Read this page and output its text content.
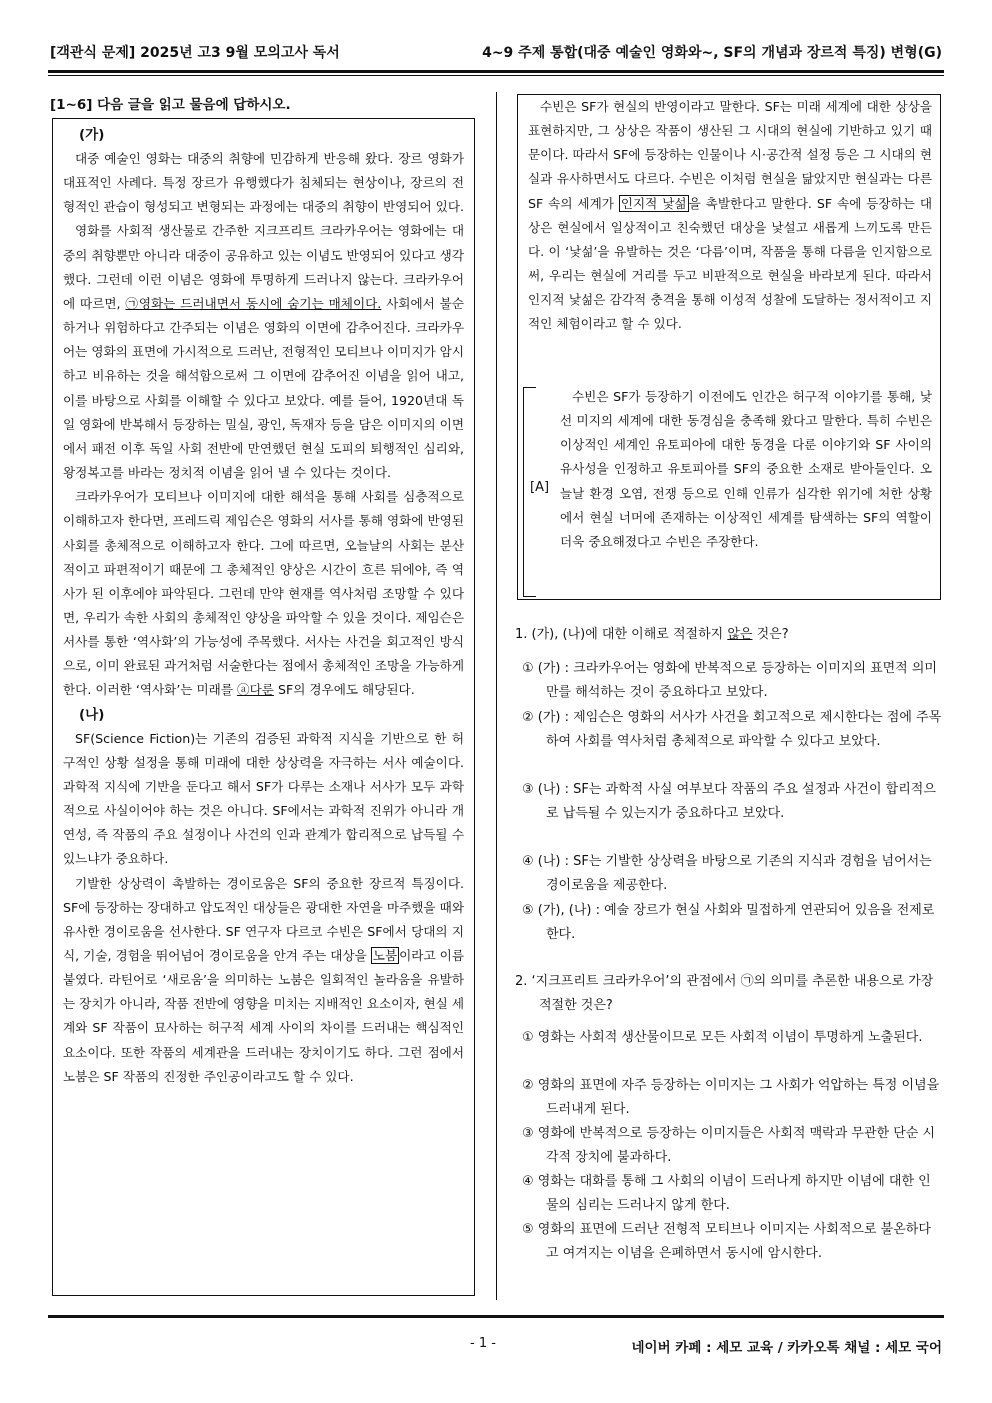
[객관식 문제] 2025년 고3 9월 모의고사 독서	4~9 주제 통합(대중 예술인 영화와~, SF의 개념과 장르적 특징) 변형(G)
[1~6] 다음 글을 읽고 물음에 답하시오.
(가)

대중 예술인 영화는 대중의 취향에 민감하게 반응해 왔다. 장르 영화가 대표적인 사례다. 특정 장르가 유행했다가 침체되는 현상이나, 장르의 전형적인 관습이 형성되고 변형되는 과정에는 대중의 취향이 반영되어 있다.

영화를 사회적 생산물로 간주한 지크프리트 크라카우어는 영화에는 대중의 취향뿐만 아니라 대중이 공유하고 있는 이념도 반영되어 있다고 생각했다. 그런데 이런 이념은 영화에 투명하게 드러나지 않는다. 크라카우어에 따르면, ㉠영화는 드러내면서 동시에 숨기는 매체이다. 사회에서 불순하거나 위험하다고 간주되는 이념은 영화의 이면에 감추어진다. 크라카우어는 영화의 표면에 가시적으로 드러난, 전형적인 모티브나 이미지가 암시하고 비유하는 것을 해석함으로써 그 이면에 감추어진 이념을 읽어 내고, 이를 바탕으로 사회를 이해할 수 있다고 보았다. 예를 들어, 1920년대 독일 영화에 반복해서 등장하는 밀실, 광인, 독재자 등을 담은 이미지의 이면에서 패전 이후 독일 사회 전반에 만연했던 현실 도피의 퇴행적인 심리와, 왕정복고를 바라는 정치적 이념을 읽어 낼 수 있다는 것이다.

크라카우어가 모티브나 이미지에 대한 해석을 통해 사회를 심층적으로 이해하고자 한다면, 프레드릭 제임슨은 영화의 서사를 통해 영화에 반영된 사회를 총체적으로 이해하고자 한다. 그에 따르면, 오늘날의 사회는 분산적이고 파편적이기 때문에 그 총체적인 양상은 시간이 흐른 뒤에야, 즉 역사가 된 이후에야 파악된다. 그런데 만약 현재를 역사처럼 조망할 수 있다면, 우리가 속한 사회의 총체적인 양상을 파악할 수 있을 것이다. 제임슨은 서사를 통한 ‘역사화’의 가능성에 주목했다. 서사는 사건을 회고적인 방식으로, 이미 완료된 과거처럼 서술한다는 점에서 총체적인 조망을 가능하게 한다. 이러한 ‘역사화’는 미래를 ⓐ다룬 SF의 경우에도 해당된다.

(나)

SF(Science Fiction)는 기존의 검증된 과학적 지식을 기반으로 한 허구적인 상황 설정을 통해 미래에 대한 상상력을 자극하는 서사 예술이다. 과학적 지식에 기반을 둔다고 해서 SF가 다루는 소재나 서사가 모두 과학적으로 사실이어야 하는 것은 아니다. SF에서는 과학적 진위가 아니라 개연성, 즉 작품의 주요 설정이나 사건의 인과 관계가 합리적으로 납득될 수 있느냐가 중요하다.

기발한 상상력이 촉발하는 경이로움은 SF의 중요한 장르적 특징이다. SF에 등장하는 장대하고 압도적인 대상들은 광대한 자연을 마주했을 때와 유사한 경이로움을 선사한다. SF 연구자 다르코 수빈은 SF에서 당대의 지식, 기술, 경험을 뛰어넘어 경이로움을 안겨 주는 대상을 노붐 이라고 이름 붙였다. 라틴어로 ‘새로움’을 의미하는 노붐은 일회적인 놀라움을 유발하는 장치가 아니라, 작품 전반에 영향을 미치는 지배적인 요소이자, 현실 세계와 SF 작품이 묘사하는 허구적 세계 사이의 차이를 드러내는 핵심적인 요소이다. 또한 작품의 세계관을 드러내는 장치이기도 하다. 그런 점에서 노붐은 SF 작품의 진정한 주인공이라고도 할 수 있다.

수빈은 SF가 현실의 반영이라고 말한다. SF는 미래 세계에 대한 상상을 표현하지만, 그 상상은 작품이 생산된 그 시대의 현실에 기반하고 있기 때문이다. 따라서 SF에 등장하는 인물이나 시·공간적 설정 등은 그 시대의 현실과 유사하면서도 다르다. 수빈은 이처럼 현실을 닮았지만 현실과는 다른 SF 속의 세계가 인지적 낯섦 을 촉발한다고 말한다. SF 속에 등장하는 대상은 현실에서 일상적이고 친숙했던 대상을 낯설고 새롭게 느끼도록 만든다. 이 ‘낯섦’을 유발하는 것은 ‘다름’이며, 작품을 통해 다름을 인지함으로써, 우리는 현실에 거리를 두고 비판적으로 현실을 바라보게 된다. 따라서 인지적 낯섦은 감각적 충격을 통해 이성적 성찰에 도달하는 정서적이고 지적인 체험이라고 할 수 있다.

[A]

수빈은 SF가 등장하기 이전에도 인간은 허구적 이야기를 통해, 낯선 미지의 세계에 대한 동경심을 충족해 왔다고 말한다. 특히 수빈은 이상적인 세계인 유토피아에 대한 동경을 다룬 이야기와 SF 사이의 유사성을 인정하고 유토피아를 SF의 중요한 소재로 받아들인다. 오늘날 환경 오염, 전쟁 등으로 인해 인류가 심각한 위기에 처한 상황에서 현실 너머에 존재하는 이상적인 세계를 탐색하는 SF의 역할이 더욱 중요해졌다고 수빈은 주장한다.

1. (가), (나)에 대한 이해로 적절하지 않은 것은?
① (가) : 크라카우어는 영화에 반복적으로 등장하는 이미지의 표면적 의미만를 해석하는 것이 중요하다고 보았다.
② (가) : 제임슨은 영화의 서사가 사건을 회고적으로 제시한다는 점에 주목하여 사회를 역사처럼 총체적으로 파악할 수 있다고 보았다.
③ (나) : SF는 과학적 사실 여부보다 작품의 주요 설정과 사건이 합리적으로 납득될 수 있는지가 중요하다고 보았다.
④ (나) : SF는 기발한 상상력을 바탕으로 기존의 지식과 경험을 넘어서는 경이로움을 제공한다.
⑤ (가), (나) : 예술 장르가 현실 사회와 밀접하게 연관되어 있음을 전제로 한다.
2. ‘지크프리트 크라카우어’의 관점에서 ㉠의 의미를 추론한 내용으로 가장 적절한 것은?
① 영화는 사회적 생산물이므로 모든 사회적 이념이 투명하게 노출된다.
② 영화의 표면에 자주 등장하는 이미지는 그 사회가 억압하는 특정 이념을 드러내게 된다.
③ 영화에 반복적으로 등장하는 이미지들은 사회적 맥락과 무관한 단순 시각적 장치에 불과하다.
④ 영화는 대화를 통해 그 사회의 이념이 드러나게 하지만 이념에 대한 인물의 심리는 드러나지 않게 한다.
⑤ 영화의 표면에 드러난 전형적 모티브나 이미지는 사회적으로 불온하다고 여겨지는 이념을 은폐하면서 동시에 암시한다.
- 1 -	네이버 카페 : 세모 교육 / 카카오톡 채널 : 세모 국어
